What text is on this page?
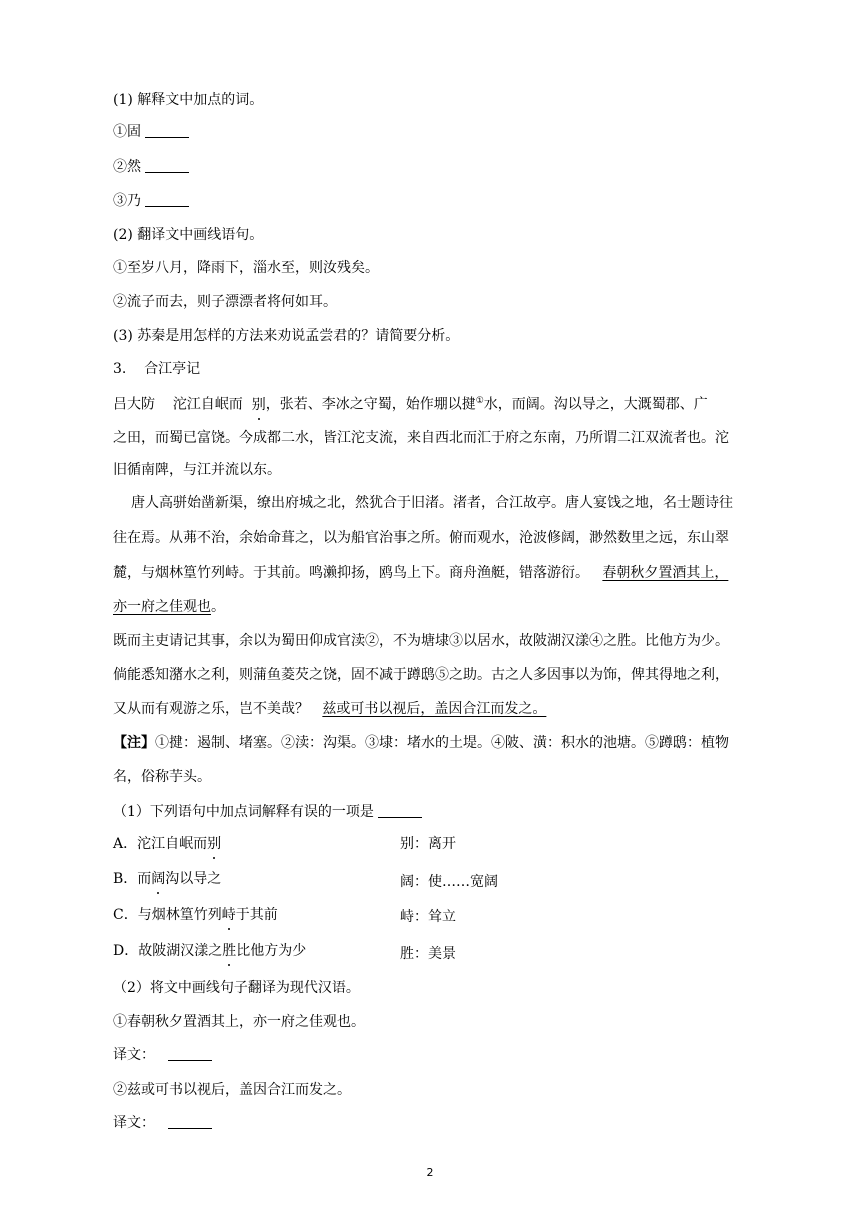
(1) 解释文中加点的词。
①固
②然
③乃
(2) 翻译文中画线语句。
①至岁八月，降雨下，淄水至，则汝残矣。
②流子而去，则子漂漂者将何如耳。
(3) 苏秦是用怎样的方法来劝说孟尝君的？请简要分析。
3. 合江亭记
吕大防 沱江自岷而 别，张若、李冰之守蜀，始作堋以揵①水，而阔。沟以导之，大溉蜀郡、广
之田，而蜀已富饶。今成都二水，皆江沱支流，来自西北而汇于府之东南，乃所谓二江双流者也。沱
旧循南陴，与江并流以东。
唐人高骈始凿新渠，缭出府城之北，然犹合于旧渚。渚者，合江故亭。唐人宴饯之地，名士题诗往
往在焉。从茀不治，余始命葺之，以为船官治事之所。俯而观水，沧波修阔，渺然数里之远，东山翠
麓，与烟林篁竹列峙。于其前。鸣濑抑扬，鸥鸟上下。商舟渔艇，错落游衍。 春朝秋夕置酒其上，
亦一府之佳观也。
既而主吏请记其事，余以为蜀田仰成官渎②，不为塘埭③以居水，故陂湖汉漾④之胜。比他方为少。
倘能悉知潴水之利，则蒲鱼菱芡之饶，固不减于蹲鸱⑤之助。古之人多因事以为饰，俾其得地之利，
又从而有观游之乐，岂不美哉？ 兹或可书以视后，盖因合江而发之。
【注】①揵：遏制、堵塞。②渎：沟渠。③埭：堵水的土堤。④陂、潢：积水的池塘。⑤蹲鸱：植物
名，俗称芋头。
（1）下列语句中加点词解释有误的一项是
A．沱江自岷而别	别：离开
B．而阔沟以导之	阔：使……宽阔
C．与烟林篁竹列峙于其前	峙：耸立
D．故陂湖汉漾之胜比他方为少	胜：美景
（2）将文中画线句子翻译为现代汉语。
①春朝秋夕置酒其上，亦一府之佳观也。
译文：
②兹或可书以视后，盖因合江而发之。
译文：
2
